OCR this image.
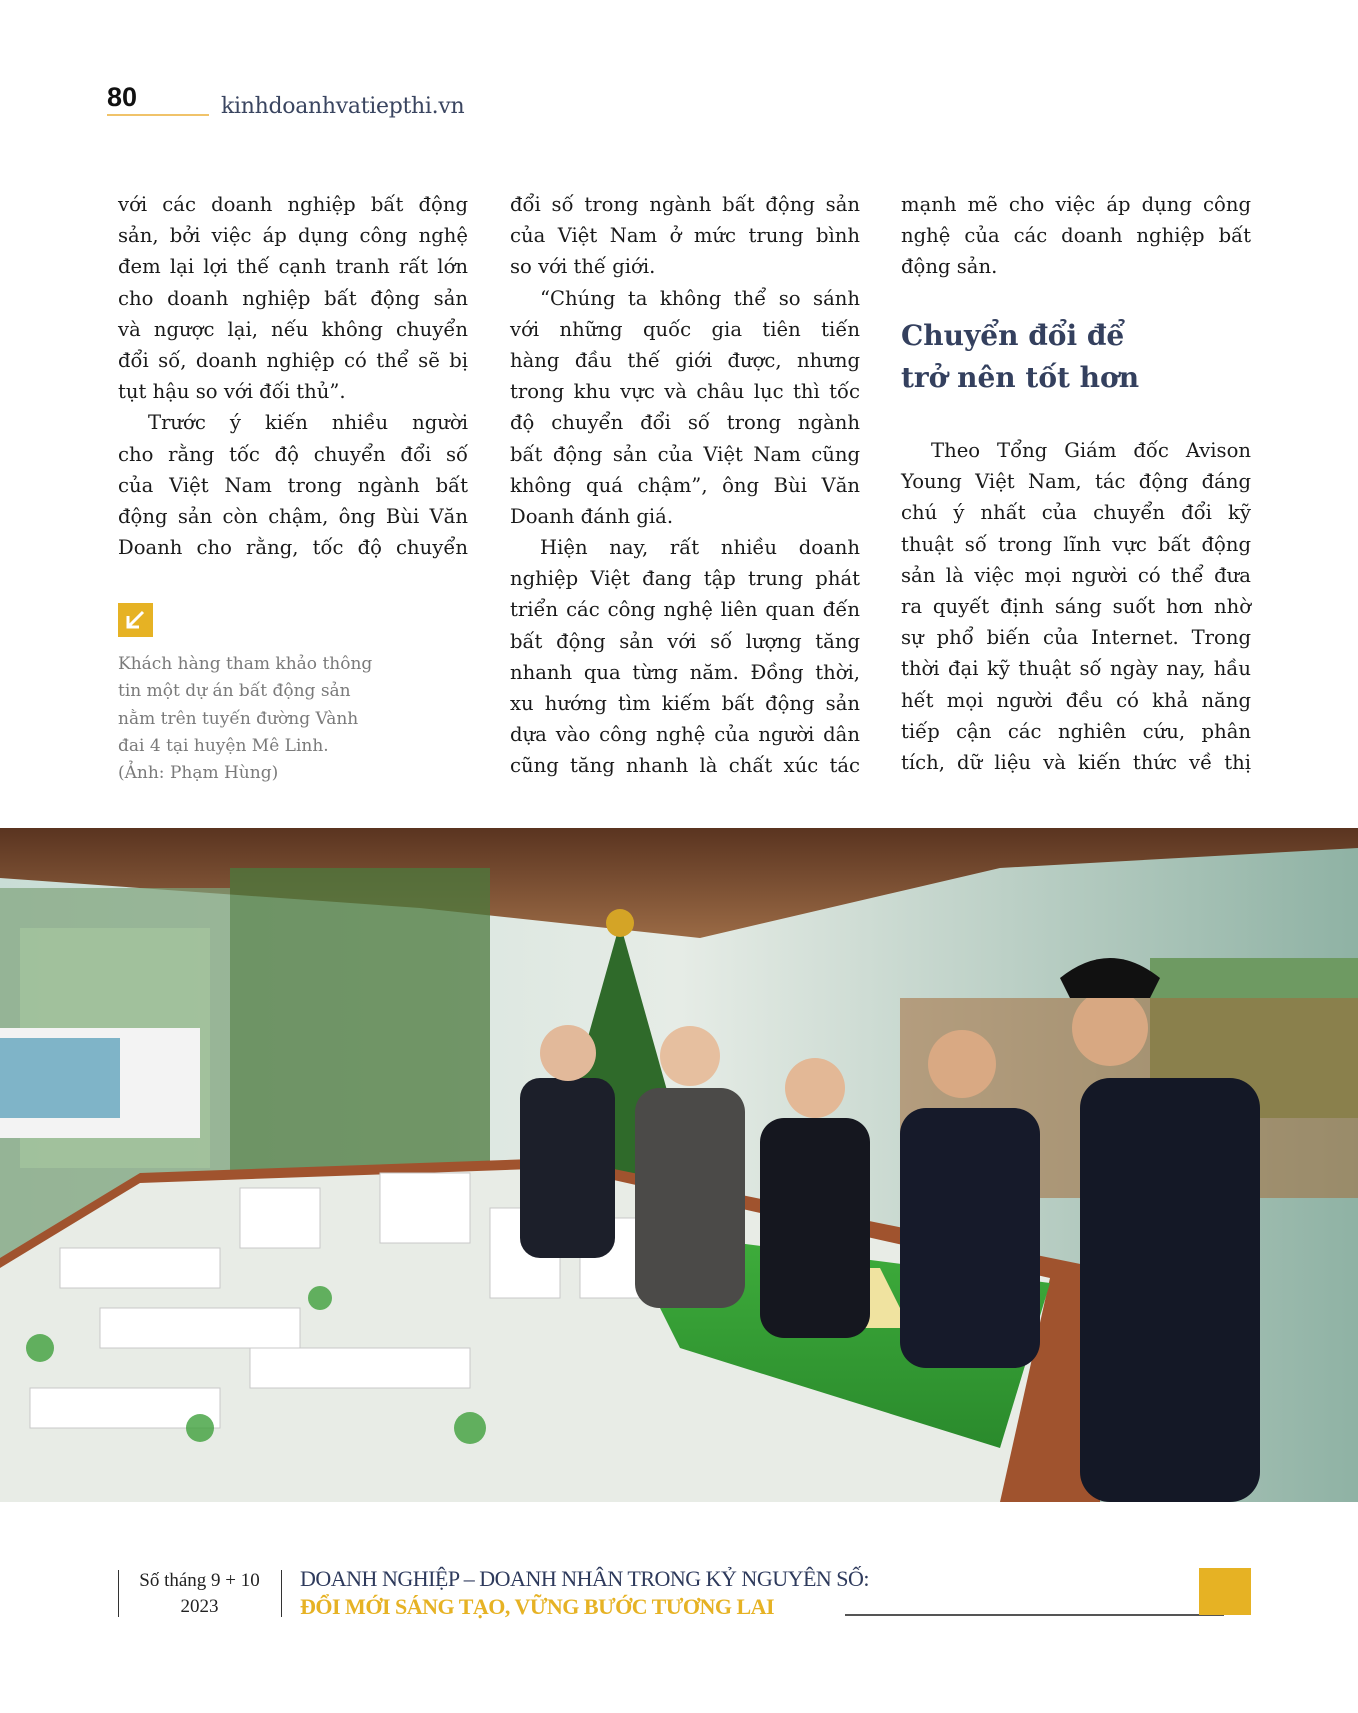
80	kinhdoanhvatiepthi.vn
với các doanh nghiệp bất động
sản, bởi việc áp dụng công nghệ
đem lại lợi thế cạnh tranh rất lớn
cho doanh nghiệp bất động sản
và ngược lại, nếu không chuyển
đổi số, doanh nghiệp có thể sẽ bị
tụt hậu so với đối thủ”.
Trước ý kiến nhiều người
cho rằng tốc độ chuyển đổi số
của Việt Nam trong ngành bất
động sản còn chậm, ông Bùi Văn
Doanh cho rằng, tốc độ chuyển
đổi số trong ngành bất động sản
của Việt Nam ở mức trung bình
so với thế giới.
“Chúng ta không thể so sánh
với những quốc gia tiên tiến
hàng đầu thế giới được, nhưng
trong khu vực và châu lục thì tốc
độ chuyển đổi số trong ngành
bất động sản của Việt Nam cũng
không quá chậm”, ông Bùi Văn
Doanh đánh giá.
Hiện nay, rất nhiều doanh
nghiệp Việt đang tập trung phát
triển các công nghệ liên quan đến
bất động sản với số lượng tăng
nhanh qua từng năm. Đồng thời,
xu hướng tìm kiếm bất động sản
dựa vào công nghệ của người dân
cũng tăng nhanh là chất xúc tác
mạnh mẽ cho việc áp dụng công
nghệ của các doanh nghiệp bất
động sản.
Chuyển đổi để
trở nên tốt hơn
Theo Tổng Giám đốc Avison
Young Việt Nam, tác động đáng
chú ý nhất của chuyển đổi kỹ
thuật số trong lĩnh vực bất động
sản là việc mọi người có thể đưa
ra quyết định sáng suốt hơn nhờ
sự phổ biến của Internet. Trong
thời đại kỹ thuật số ngày nay, hầu
hết mọi người đều có khả năng
tiếp cận các nghiên cứu, phân
tích, dữ liệu và kiến thức về thị
Khách hàng tham khảo thông
tin một dự án bất động sản
nằm trên tuyến đường Vành
đai 4 tại huyện Mê Linh.
(Ảnh: Phạm Hùng)
Số tháng 9 + 10
2023
DOANH NGHIỆP – DOANH NHÂN TRONG KỶ NGUYÊN SỐ:
ĐỔI MỚI SÁNG TẠO, VỮNG BƯỚC TƯƠNG LAI
